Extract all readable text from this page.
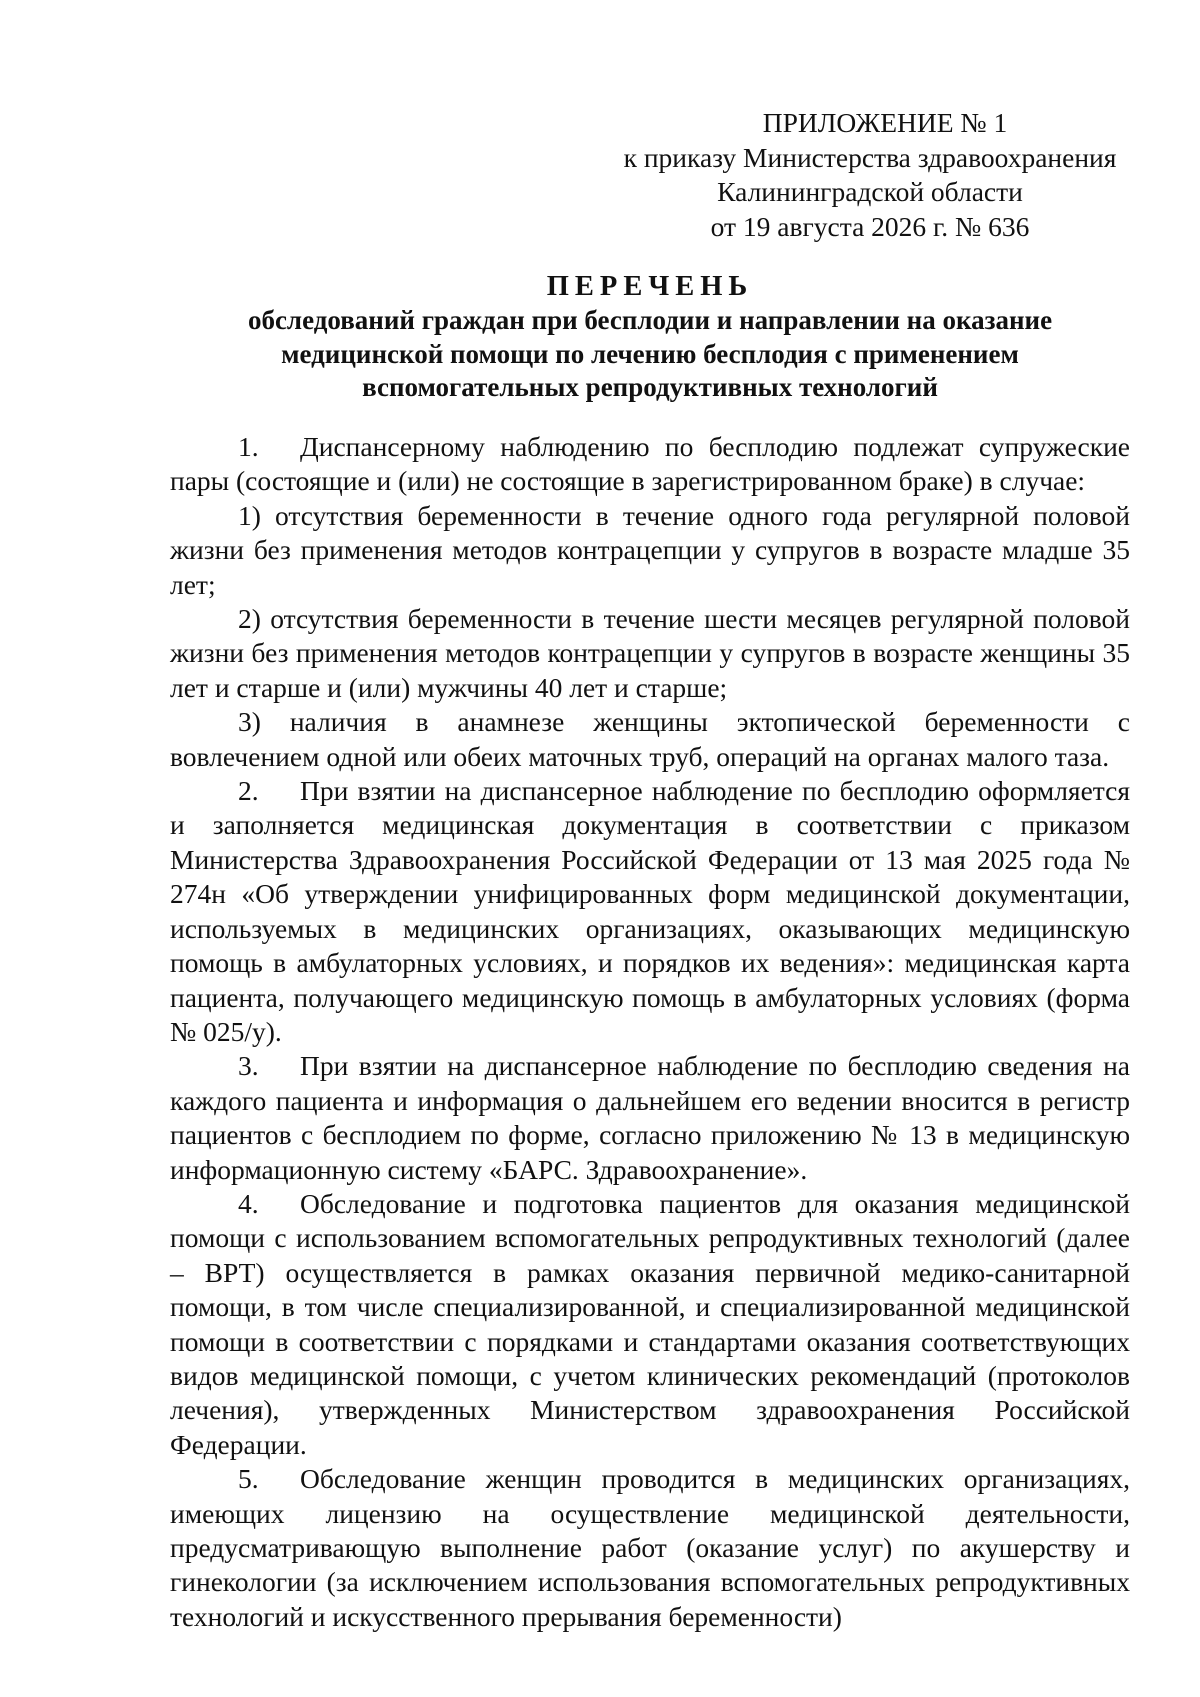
ПРИЛОЖЕНИЕ № 1
к приказу Министерства здравоохранения
Калининградской области
от 19 августа 2026 г. № 636
ПЕРЕЧЕНЬ
обследований граждан при бесплодии и направлении на оказание
медицинской помощи по лечению бесплодия с применением
вспомогательных репродуктивных технологий
1. Диспансерному наблюдению по бесплодию подлежат супружеские пары (состоящие и (или) не состоящие в зарегистрированном браке) в случае:
1) отсутствия беременности в течение одного года регулярной половой жизни без применения методов контрацепции у супругов в возрасте младше 35 лет;
2) отсутствия беременности в течение шести месяцев регулярной половой жизни без применения методов контрацепции у супругов в возрасте женщины 35 лет и старше и (или) мужчины 40 лет и старше;
3) наличия в анамнезе женщины эктопической беременности с вовлечением одной или обеих маточных труб, операций на органах малого таза.
2. При взятии на диспансерное наблюдение по бесплодию оформляется и заполняется медицинская документация в соответствии с приказом Министерства Здравоохранения Российской Федерации от 13 мая 2025 года № 274н «Об утверждении унифицированных форм медицинской документации, используемых в медицинских организациях, оказывающих медицинскую помощь в амбулаторных условиях, и порядков их ведения»: медицинская карта пациента, получающего медицинскую помощь в амбулаторных условиях (форма № 025/у).
3. При взятии на диспансерное наблюдение по бесплодию сведения на каждого пациента и информация о дальнейшем его ведении вносится в регистр пациентов с бесплодием по форме, согласно приложению № 13 в медицинскую информационную систему «БАРС. Здравоохранение».
4. Обследование и подготовка пациентов для оказания медицинской помощи с использованием вспомогательных репродуктивных технологий (далее – ВРТ) осуществляется в рамках оказания первичной медико-санитарной помощи, в том числе специализированной, и специализированной медицинской помощи в соответствии с порядками и стандартами оказания соответствующих видов медицинской помощи, с учетом клинических рекомендаций (протоколов лечения), утвержденных Министерством здравоохранения Российской Федерации.
5. Обследование женщин проводится в медицинских организациях, имеющих лицензию на осуществление медицинской деятельности, предусматривающую выполнение работ (оказание услуг) по акушерству и гинекологии (за исключением использования вспомогательных репродуктивных технологий и искусственного прерывания беременности)
